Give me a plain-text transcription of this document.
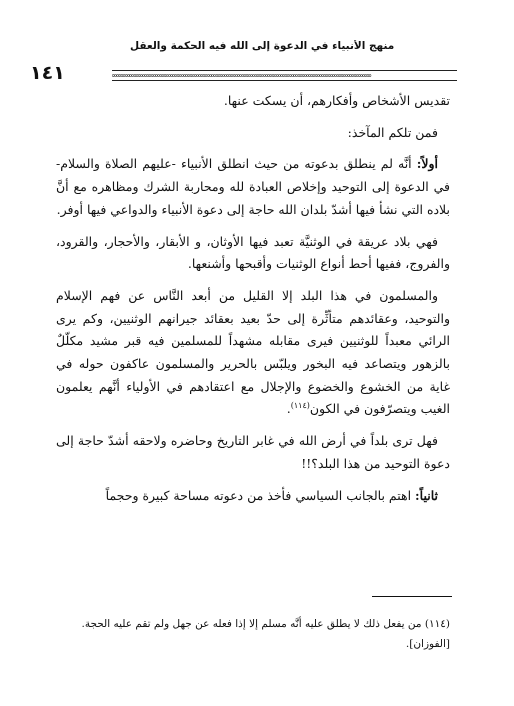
منهج الأنبياء في الدعوة إلى الله فيه الحكمة والعقل
١٤١	∞∞∞∞∞∞∞∞∞∞∞∞∞∞∞∞∞∞∞∞∞∞∞∞∞∞∞∞∞∞∞∞∞∞∞∞∞∞∞∞∞∞∞∞∞∞∞∞∞∞∞∞∞∞∞∞∞∞∞∞

تقديس الأشخاص وأفكارهم، أن يسكت عنها.

فمن تلكم المآخذ:

أولاً: أنَّه لم ينطلق بدعوته من حيث انطلق الأنبياء -عليهم الصلاة والسلام- في الدعوة إلى التوحيد وإخلاص العبادة لله ومحاربة الشرك ومظاهره مع أنَّ بلاده التي نشأ فيها أشدّ بلدان الله حاجة إلى دعوة الأنبياء والدواعي فيها أوفر.

فهي بلاد عريقة في الوثنيَّة تعبد فيها الأوثان، و الأبقار، والأحجار، والقرود، والفروج، ففيها أحط أنواع الوثنيات وأقبحها وأشنعها.

والمسلمون في هذا البلد إلا القليل من أبعد النَّاس عن فهم الإسلام والتوحيد، وعقائدهم متأثِّرة إلى حدّ بعيد بعقائد جيرانهم الوثنيين، وكم يرى الرائي معبداً للوثنيين فيرى مقابله مشهداً للمسلمين فيه قبر مشيد مكلّلٌ بالزهور ويتصاعد فيه البخور ويلبّس بالحرير والمسلمون عاكفون حوله في غاية من الخشوع والخضوع والإجلال مع اعتقادهم في الأولياء أنَّهم يعلمون الغيب ويتصرّفون في الكون$^{(١١٤)}$.

فهل ترى بلداً في أرض الله في غابر التاريخ وحاضره ولاحقه أشدّ حاجة إلى دعوة التوحيد من هذا البلد؟!!

ثانياً: اهتم بالجانب السياسي فأخذ من دعوته مساحة كبيرة وحجماً

(١١٤) من يفعل ذلك لا يطلق عليه أنَّه مسلم إلا إذا فعله عن جهل ولم تقم عليه الحجة.

[الفوزان].
